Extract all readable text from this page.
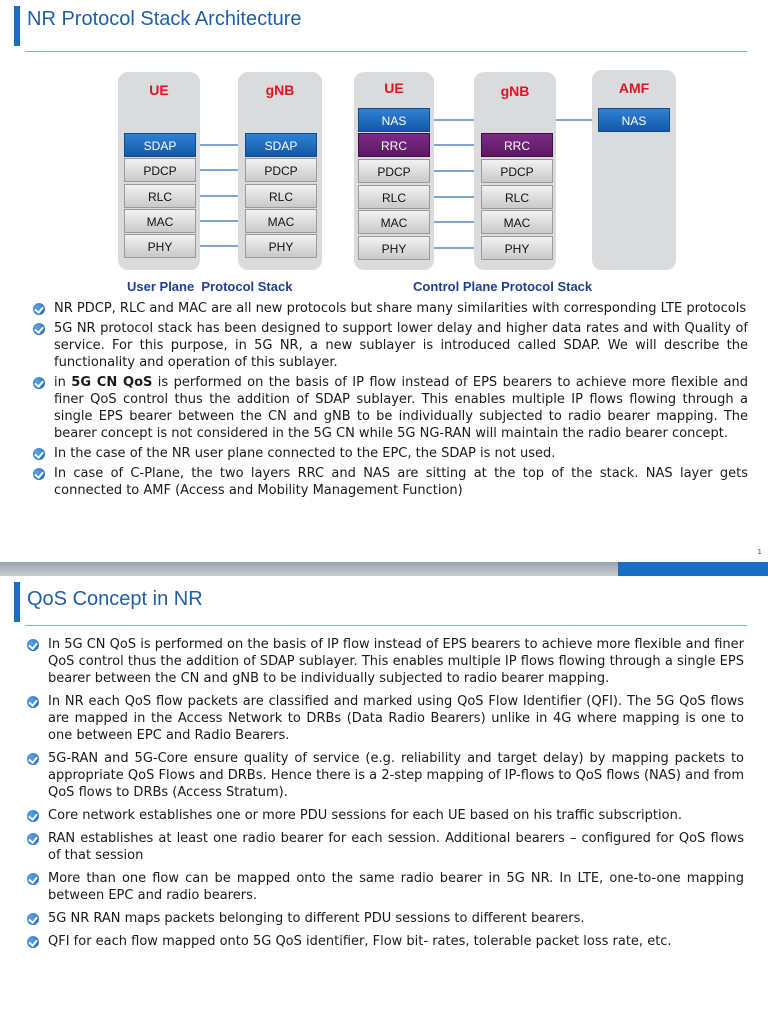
NR Protocol Stack Architecture
UE
SDAP
PDCP
RLC
MAC
PHY
gNB
SDAP
PDCP
RLC
MAC
PHY
UE
NAS
RRC
PDCP
RLC
MAC
PHY
gNB
RRC
PDCP
RLC
MAC
PHY
AMF
NAS
User Plane  Protocol Stack	Control Plane Protocol Stack
NR PDCP, RLC and MAC are all new protocols but share many similarities with corresponding LTE protocols
5G NR protocol stack has been designed to support lower delay and higher data rates and with Quality of service. For this purpose, in 5G NR, a new sublayer is introduced called SDAP. We will describe the functionality and operation of this sublayer.
in 5G CN QoS is performed on the basis of IP flow instead of EPS bearers to achieve more flexible and finer QoS control thus the addition of SDAP sublayer. This enables multiple IP flows flowing through a single EPS bearer between the CN and gNB to be individually subjected to radio bearer mapping. The bearer concept is not considered in the 5G CN while 5G NG-RAN will maintain the radio bearer concept.
In the case of the NR user plane connected to the EPC, the SDAP is not used.
In case of C-Plane, the two layers RRC and NAS are sitting at the top of the stack. NAS layer gets connected to AMF (Access and Mobility Management Function)
1
QoS Concept in NR
In 5G CN QoS is performed on the basis of IP flow instead of EPS bearers to achieve more flexible and finer QoS control thus the addition of SDAP sublayer. This enables multiple IP flows flowing through a single EPS bearer between the CN and gNB to be individually subjected to radio bearer mapping.
In NR each QoS flow packets are classified and marked using QoS Flow Identifier (QFI). The 5G QoS flows are mapped in the Access Network to DRBs (Data Radio Bearers) unlike in 4G where mapping is one to one between EPC and Radio Bearers.
5G-RAN and 5G-Core ensure quality of service (e.g. reliability and target delay) by mapping packets to appropriate QoS Flows and DRBs. Hence there is a 2-step mapping of IP-flows to QoS flows (NAS) and from QoS flows to DRBs (Access Stratum).
Core network establishes one or more PDU sessions for each UE based on his traffic subscription.
RAN establishes at least one radio bearer for each session. Additional bearers – configured for QoS flows of that session
More than one flow can be mapped onto the same radio bearer in 5G NR. In LTE, one-to-one mapping between EPC and radio bearers.
5G NR RAN maps packets belonging to different PDU sessions to different bearers.
QFI for each flow mapped onto 5G QoS identifier, Flow bit- rates, tolerable packet loss rate, etc.
